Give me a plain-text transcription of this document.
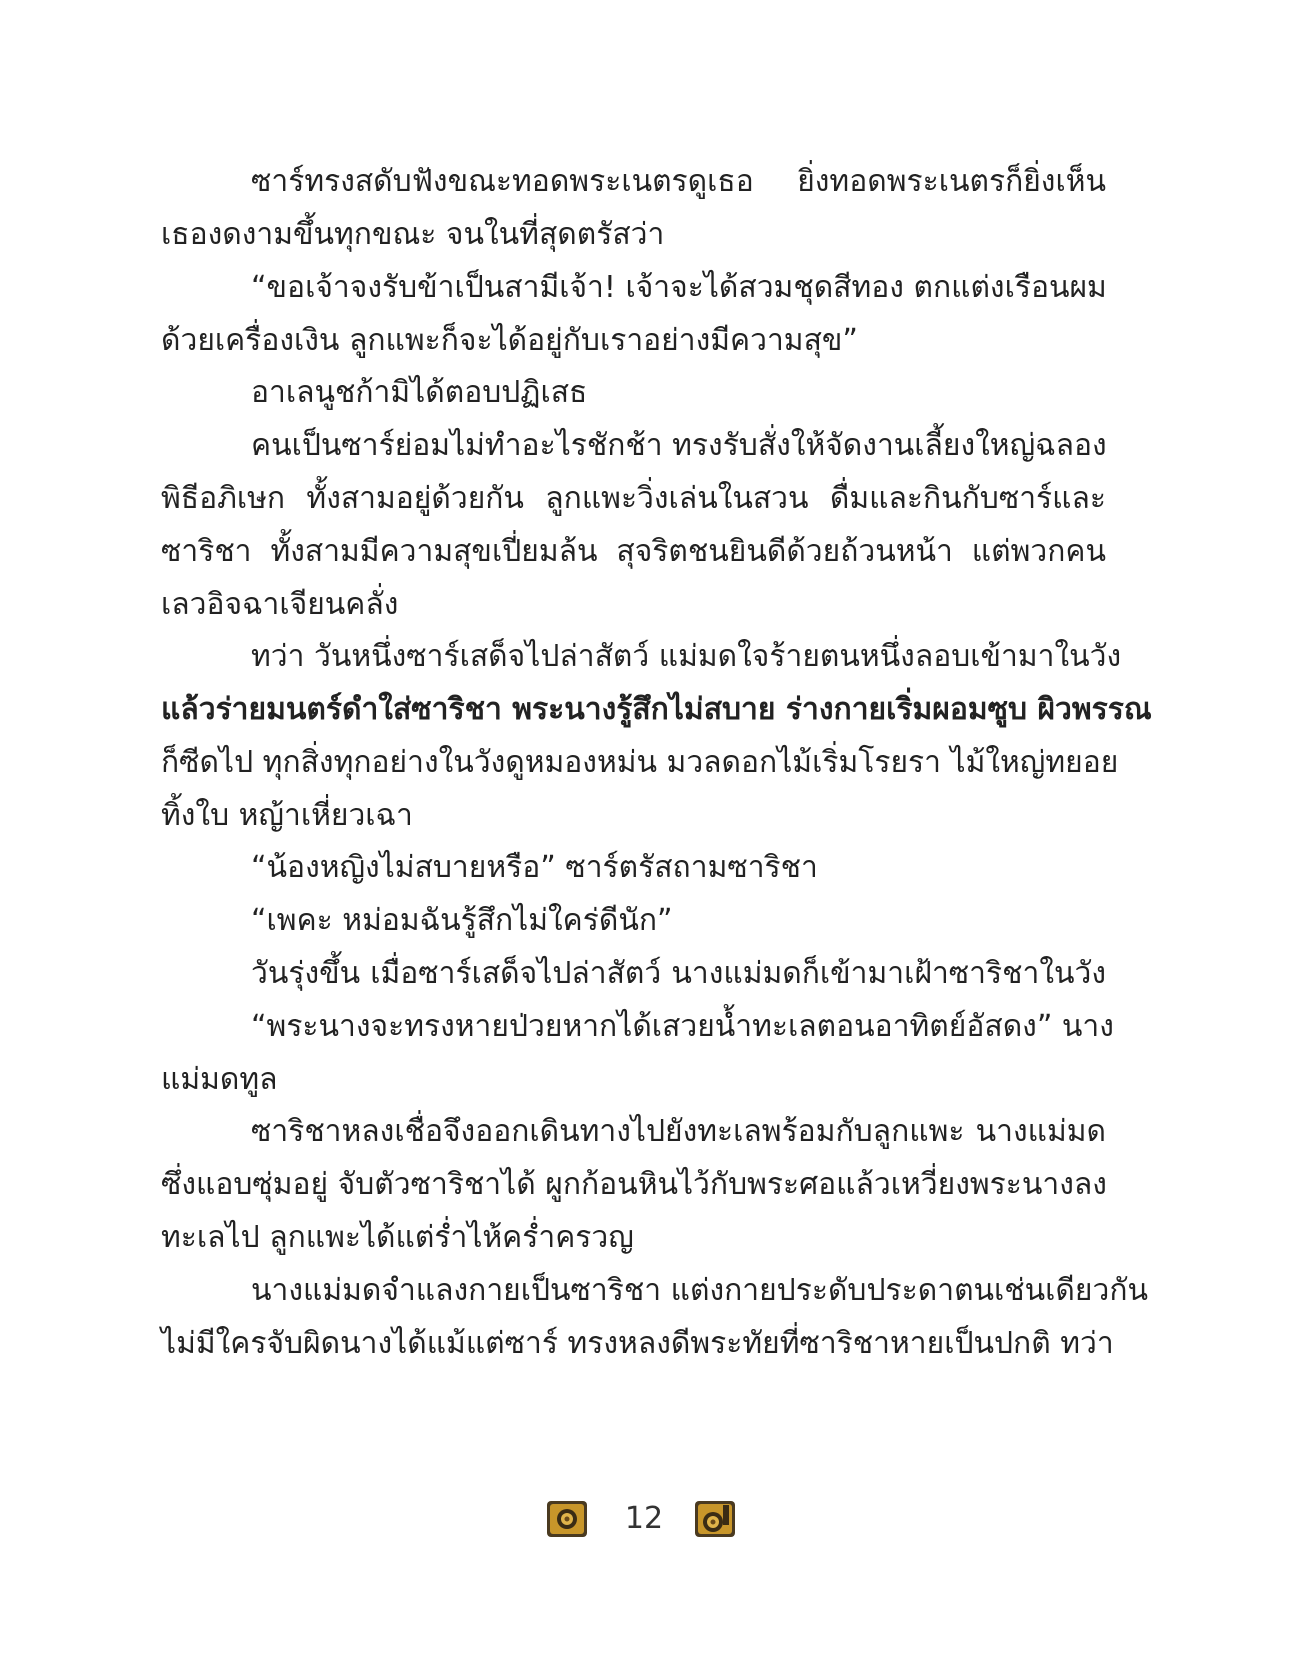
ซาร์ทรงสดับฟังขณะทอดพระเนตรดูเธอ ยิ่งทอดพระเนตรก็ยิ่งเห็น
เธองดงามขึ้นทุกขณะ จนในที่สุดตรัสว่า
“ขอเจ้าจงรับข้าเป็นสามีเจ้า! เจ้าจะได้สวมชุดสีทอง ตกแต่งเรือนผม
ด้วยเครื่องเงิน ลูกแพะก็จะได้อยู่กับเราอย่างมีความสุข”
อาเลนูชก้ามิได้ตอบปฏิเสธ
คนเป็นซาร์ย่อมไม่ทำอะไรชักช้า ทรงรับสั่งให้จัดงานเลี้ยงใหญ่ฉลอง
พิธีอภิเษก ทั้งสามอยู่ด้วยกัน ลูกแพะวิ่งเล่นในสวน ดื่มและกินกับซาร์และ
ซาริชา ทั้งสามมีความสุขเปี่ยมล้น สุจริตชนยินดีด้วยถ้วนหน้า แต่พวกคน
เลวอิจฉาเจียนคลั่ง
ทว่า วันหนึ่งซาร์เสด็จไปล่าสัตว์ แม่มดใจร้ายตนหนึ่งลอบเข้ามาในวัง
แล้วร่ายมนตร์ดำใส่ซาริชา พระนางรู้สึกไม่สบาย ร่างกายเริ่มผอมซูบ ผิวพรรณ
ก็ซีดไป ทุกสิ่งทุกอย่างในวังดูหมองหม่น มวลดอกไม้เริ่มโรยรา ไม้ใหญ่ทยอย
ทิ้งใบ หญ้าเหี่ยวเฉา
“น้องหญิงไม่สบายหรือ” ซาร์ตรัสถามซาริชา
“เพคะ หม่อมฉันรู้สึกไม่ใคร่ดีนัก”
วันรุ่งขึ้น เมื่อซาร์เสด็จไปล่าสัตว์ นางแม่มดก็เข้ามาเฝ้าซาริชาในวัง
“พระนางจะทรงหายป่วยหากได้เสวยน้ำทะเลตอนอาทิตย์อัสดง” นาง
แม่มดทูล
ซาริชาหลงเชื่อจึงออกเดินทางไปยังทะเลพร้อมกับลูกแพะ นางแม่มด
ซึ่งแอบซุ่มอยู่ จับตัวซาริชาได้ ผูกก้อนหินไว้กับพระศอแล้วเหวี่ยงพระนางลง
ทะเลไป ลูกแพะได้แต่ร่ำไห้คร่ำครวญ
นางแม่มดจำแลงกายเป็นซาริชา แต่งกายประดับประดาตนเช่นเดียวกัน
ไม่มีใครจับผิดนางได้แม้แต่ซาร์ ทรงหลงดีพระทัยที่ซาริชาหายเป็นปกติ ทว่า
12
